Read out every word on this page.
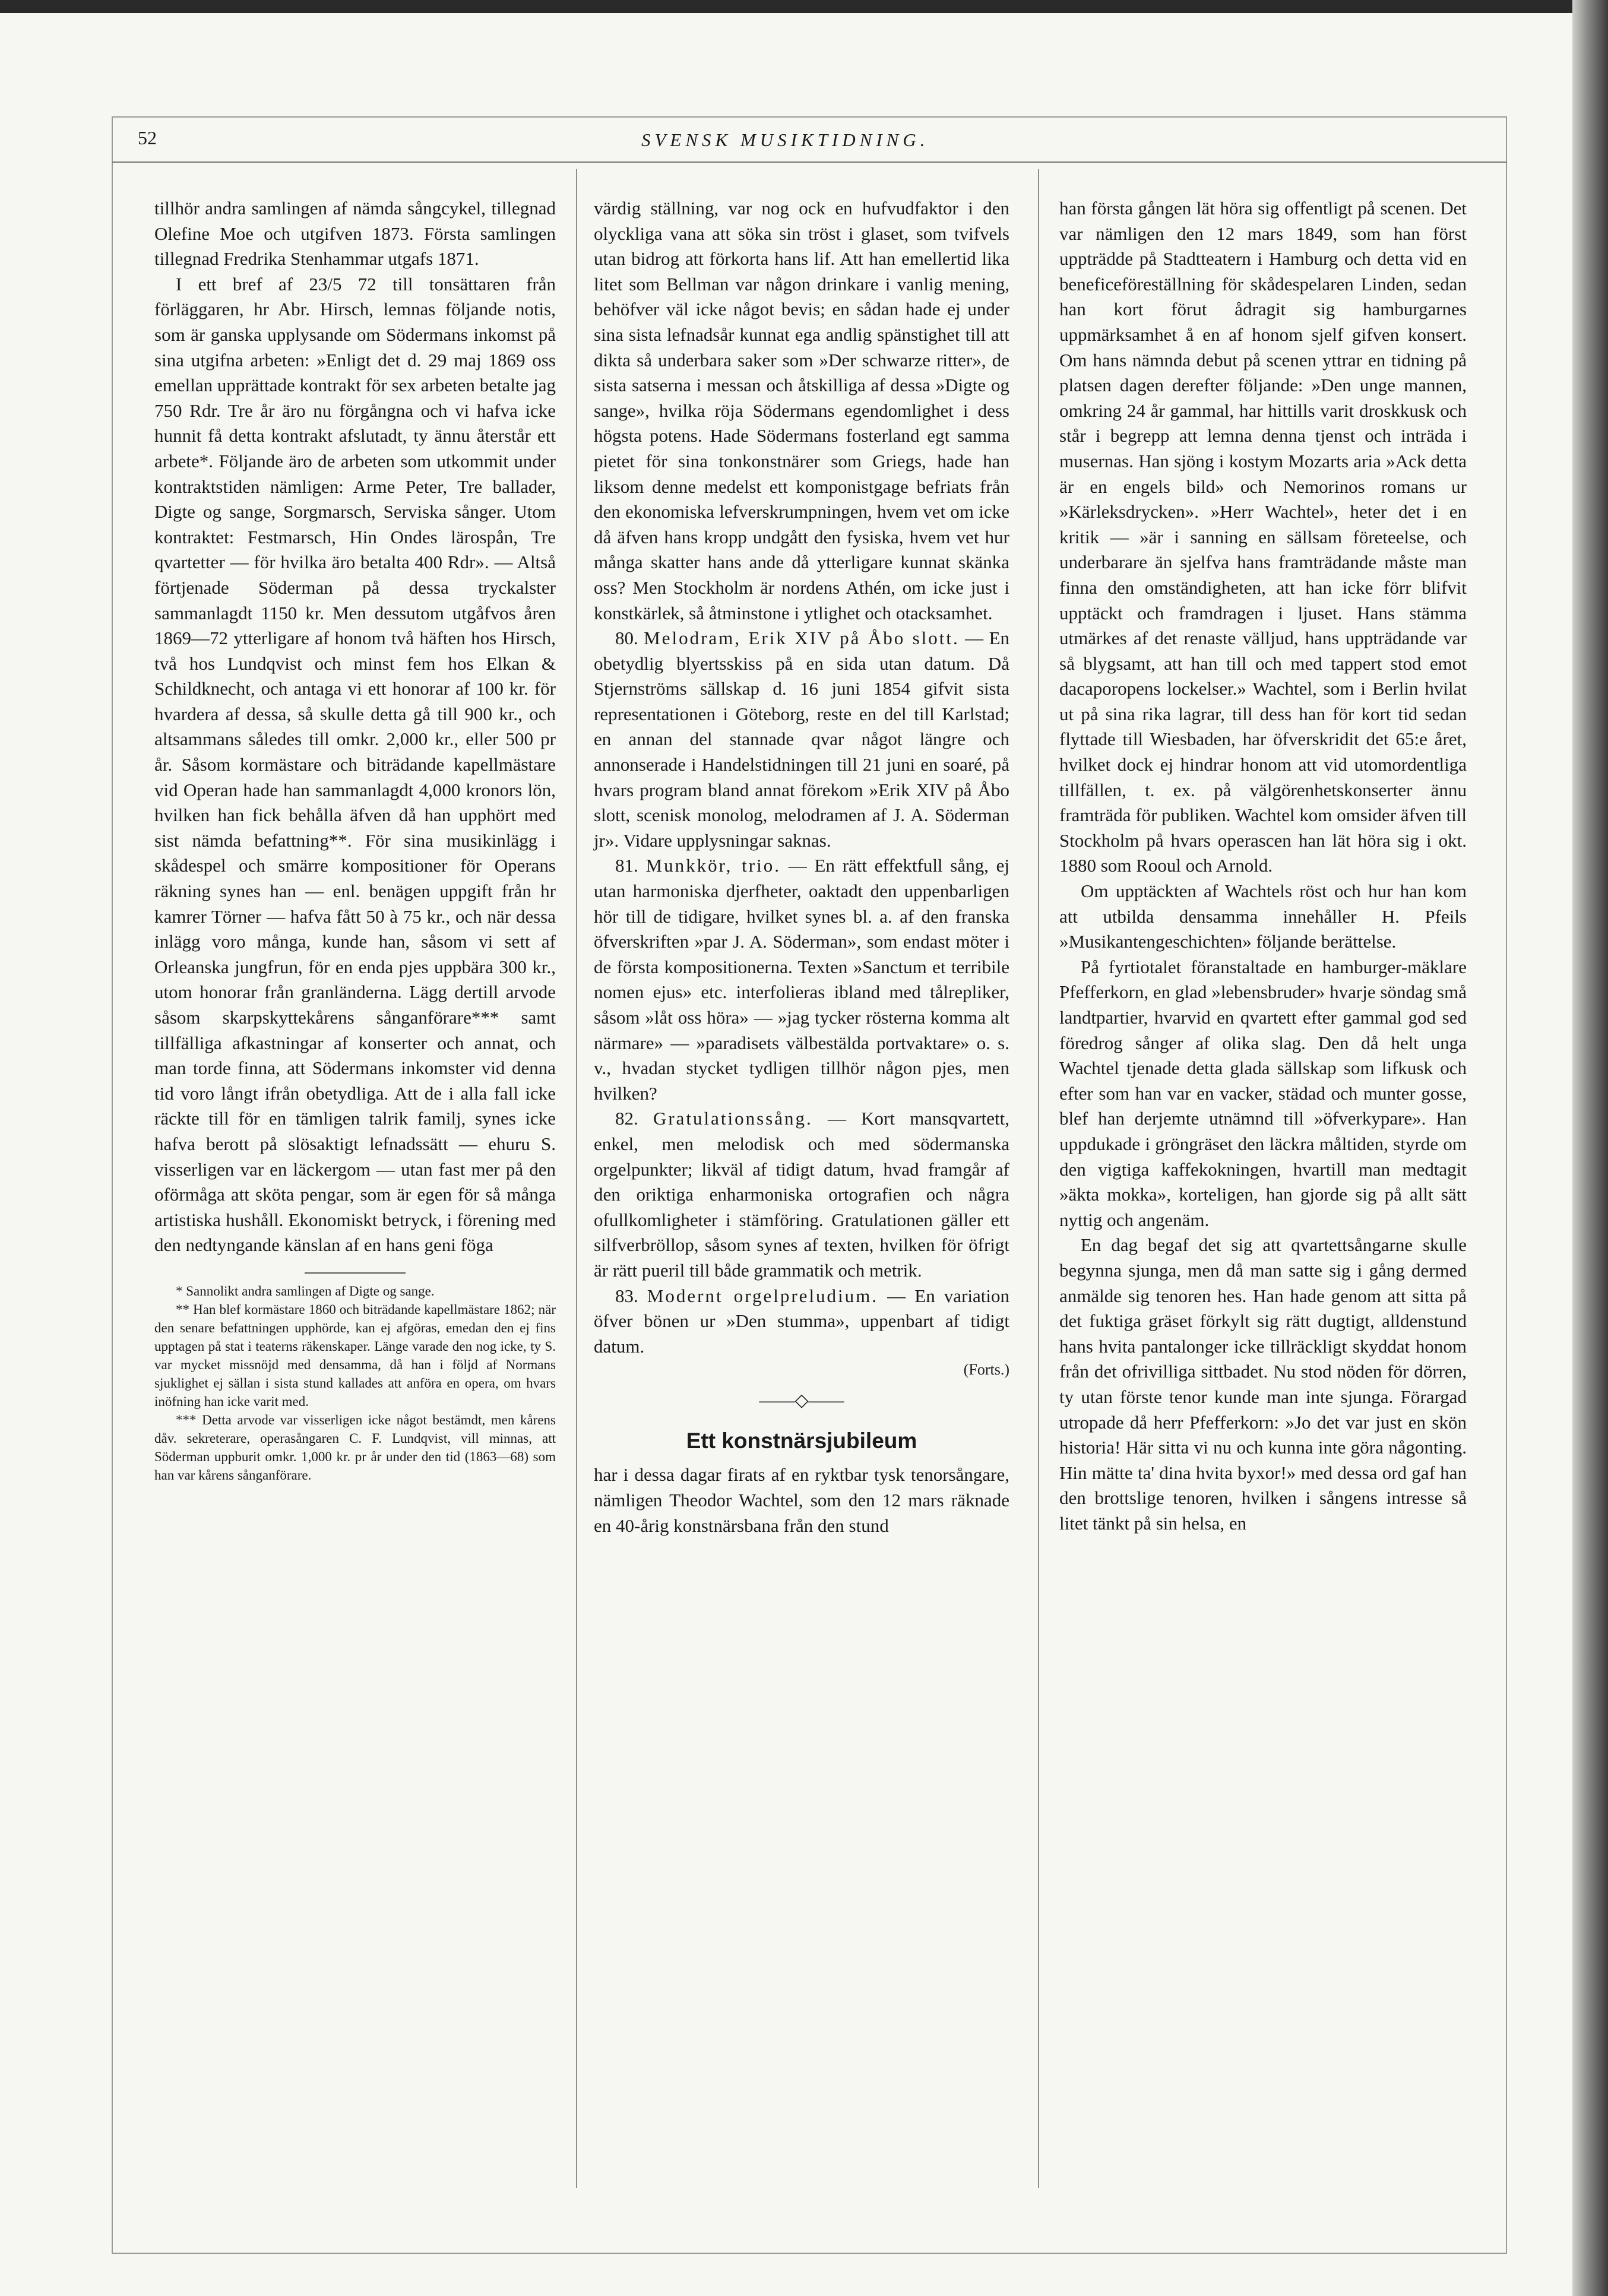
52	SVENSK MUSIKTIDNING.

tillhör andra samlingen af nämda sångcykel, tillegnad Olefine Moe och utgifven 1873. Första samlingen tillegnad Fredrika Stenhammar utgafs 1871.

I ett bref af 23/5 72 till tonsättaren från förläggaren, hr Abr. Hirsch, lemnas följande notis, som är ganska upplysande om Södermans inkomst på sina utgifna arbeten: »Enligt det d. 29 maj 1869 oss emellan upprättade kontrakt för sex arbeten betalte jag 750 Rdr. Tre år äro nu förgångna och vi hafva icke hunnit få detta kontrakt afslutadt, ty ännu återstår ett arbete*. Följande äro de arbeten som utkommit under kontraktstiden nämligen: Arme Peter, Tre ballader, Digte og sange, Sorgmarsch, Serviska sånger. Utom kontraktet: Festmarsch, Hin Ondes lärospån, Tre qvartetter — för hvilka äro betalta 400 Rdr». — Altså förtjenade Söderman på dessa tryckalster sammanlagdt 1150 kr. Men dessutom utgåfvos åren 1869—72 ytterligare af honom två häften hos Hirsch, två hos Lundqvist och minst fem hos Elkan & Schildknecht, och antaga vi ett honorar af 100 kr. för hvardera af dessa, så skulle detta gå till 900 kr., och altsammans således till omkr. 2,000 kr., eller 500 pr år. Såsom kormästare och biträdande kapellmästare vid Operan hade han sammanlagdt 4,000 kronors lön, hvilken han fick behålla äfven då han upphört med sist nämda befattning**. För sina musikinlägg i skådespel och smärre kompositioner för Operans räkning synes han — enl. benägen uppgift från hr kamrer Törner — hafva fått 50 à 75 kr., och när dessa inlägg voro många, kunde han, såsom vi sett af Orleanska jungfrun, för en enda pjes uppbära 300 kr., utom honorar från granländerna. Lägg dertill arvode såsom skarpskyttekårens sånganförare*** samt tillfälliga afkastningar af konserter och annat, och man torde finna, att Södermans inkomster vid denna tid voro långt ifrån obetydliga. Att de i alla fall icke räckte till för en tämligen talrik familj, synes icke hafva berott på slösaktigt lefnadssätt — ehuru S. visserligen var en läckergom — utan fast mer på den oförmåga att sköta pengar, som är egen för så många artistiska hushåll. Ekonomiskt betryck, i förening med den nedtyngande känslan af en hans geni föga

* Sannolikt andra samlingen af Digte og sange.

** Han blef kormästare 1860 och biträdande kapellmästare 1862; när den senare befattningen upphörde, kan ej afgöras, emedan den ej fins upptagen på stat i teaterns räkenskaper. Länge varade den nog icke, ty S. var mycket missnöjd med densamma, då han i följd af Normans sjuklighet ej sällan i sista stund kallades att anföra en opera, om hvars inöfning han icke varit med.

*** Detta arvode var visserligen icke något bestämdt, men kårens dåv. sekreterare, operasångaren C. F. Lundqvist, vill minnas, att Söderman uppburit omkr. 1,000 kr. pr år under den tid (1863—68) som han var kårens sånganförare.

värdig ställning, var nog ock en hufvudfaktor i den olyckliga vana att söka sin tröst i glaset, som tvifvels utan bidrog att förkorta hans lif. Att han emellertid lika litet som Bellman var någon drinkare i vanlig mening, behöfver väl icke något bevis; en sådan hade ej under sina sista lefnadsår kunnat ega andlig spänstighet till att dikta så underbara saker som »Der schwarze ritter», de sista satserna i messan och åtskilliga af dessa »Digte og sange», hvilka röja Södermans egendomlighet i dess högsta potens. Hade Södermans fosterland egt samma pietet för sina tonkonstnärer som Griegs, hade han liksom denne medelst ett komponistgage befriats från den ekonomiska lefverskrumpningen, hvem vet om icke då äfven hans kropp undgått den fysiska, hvem vet hur många skatter hans ande då ytterligare kunnat skänka oss? Men Stockholm är nordens Athén, om icke just i konstkärlek, så åtminstone i ytlighet och otacksamhet.

80. Melodram, Erik XIV på Åbo slott. — En obetydlig blyertsskiss på en sida utan datum. Då Stjernströms sällskap d. 16 juni 1854 gifvit sista representationen i Göteborg, reste en del till Karlstad; en annan del stannade qvar något längre och annonserade i Handelstidningen till 21 juni en soaré, på hvars program bland annat förekom »Erik XIV på Åbo slott, scenisk monolog, melodramen af J. A. Söderman jr». Vidare upplysningar saknas.

81. Munkkör, trio. — En rätt effektfull sång, ej utan harmoniska djerfheter, oaktadt den uppenbarligen hör till de tidigare, hvilket synes bl. a. af den franska öfverskriften »par J. A. Söderman», som endast möter i de första kompositionerna. Texten »Sanctum et terribile nomen ejus» etc. interfolieras ibland med tålrepliker, såsom »låt oss höra» — »jag tycker rösterna komma alt närmare» — »paradisets välbestälda portvaktare» o. s. v., hvadan stycket tydligen tillhör någon pjes, men hvilken?

82. Gratulationssång. — Kort mansqvartett, enkel, men melodisk och med södermanska orgelpunkter; likväl af tidigt datum, hvad framgår af den oriktiga enharmoniska ortografien och några ofullkomligheter i stämföring. Gratulationen gäller ett silfverbröllop, såsom synes af texten, hvilken för öfrigt är rätt pueril till både grammatik och metrik.

83. Modernt orgelpreludium. — En variation öfver bönen ur »Den stumma», uppenbart af tidigt datum.

(Forts.)

——◇——
Ett konstnärsjubileum

har i dessa dagar firats af en ryktbar tysk tenorsångare, nämligen Theodor Wachtel, som den 12 mars räknade en 40-årig konstnärsbana från den stund

han första gången lät höra sig offentligt på scenen. Det var nämligen den 12 mars 1849, som han först uppträdde på Stadtteatern i Hamburg och detta vid en beneficeföreställning för skådespelaren Linden, sedan han kort förut ådragit sig hamburgarnes uppmärksamhet å en af honom sjelf gifven konsert. Om hans nämnda debut på scenen yttrar en tidning på platsen dagen derefter följande: »Den unge mannen, omkring 24 år gammal, har hittills varit droskkusk och står i begrepp att lemna denna tjenst och inträda i musernas. Han sjöng i kostym Mozarts aria »Ack detta är en engels bild» och Nemorinos romans ur »Kärleksdrycken». »Herr Wachtel», heter det i en kritik — »är i sanning en sällsam företeelse, och underbarare än sjelfva hans framträdande måste man finna den omständigheten, att han icke förr blifvit upptäckt och framdragen i ljuset. Hans stämma utmärkes af det renaste välljud, hans uppträdande var så blygsamt, att han till och med tappert stod emot dacaporopens lockelser.» Wachtel, som i Berlin hvilat ut på sina rika lagrar, till dess han för kort tid sedan flyttade till Wiesbaden, har öfverskridit det 65:e året, hvilket dock ej hindrar honom att vid utomordentliga tillfällen, t. ex. på välgörenhetskonserter ännu framträda för publiken. Wachtel kom omsider äfven till Stockholm på hvars operascen han lät höra sig i okt. 1880 som Rooul och Arnold.

Om upptäckten af Wachtels röst och hur han kom att utbilda densamma innehåller H. Pfeils »Musikantengeschichten» följande berättelse.

På fyrtiotalet föranstaltade en hamburger-mäklare Pfefferkorn, en glad »lebensbruder» hvarje söndag små landtpartier, hvarvid en qvartett efter gammal god sed föredrog sånger af olika slag. Den då helt unga Wachtel tjenade detta glada sällskap som lifkusk och efter som han var en vacker, städad och munter gosse, blef han derjemte utnämnd till »öfverkypare». Han uppdukade i gröngräset den läckra måltiden, styrde om den vigtiga kaffekokningen, hvartill man medtagit »äkta mokka», korteligen, han gjorde sig på allt sätt nyttig och angenäm.

En dag begaf det sig att qvartettsångarne skulle begynna sjunga, men då man satte sig i gång dermed anmälde sig tenoren hes. Han hade genom att sitta på det fuktiga gräset förkylt sig rätt dugtigt, alldenstund hans hvita pantalonger icke tillräckligt skyddat honom från det ofrivilliga sittbadet. Nu stod nöden för dörren, ty utan förste tenor kunde man inte sjunga. Förargad utropade då herr Pfefferkorn: »Jo det var just en skön historia! Här sitta vi nu och kunna inte göra någonting. Hin mätte ta' dina hvita byxor!» med dessa ord gaf han den brottslige tenoren, hvilken i sångens intresse så litet tänkt på sin helsa, en
